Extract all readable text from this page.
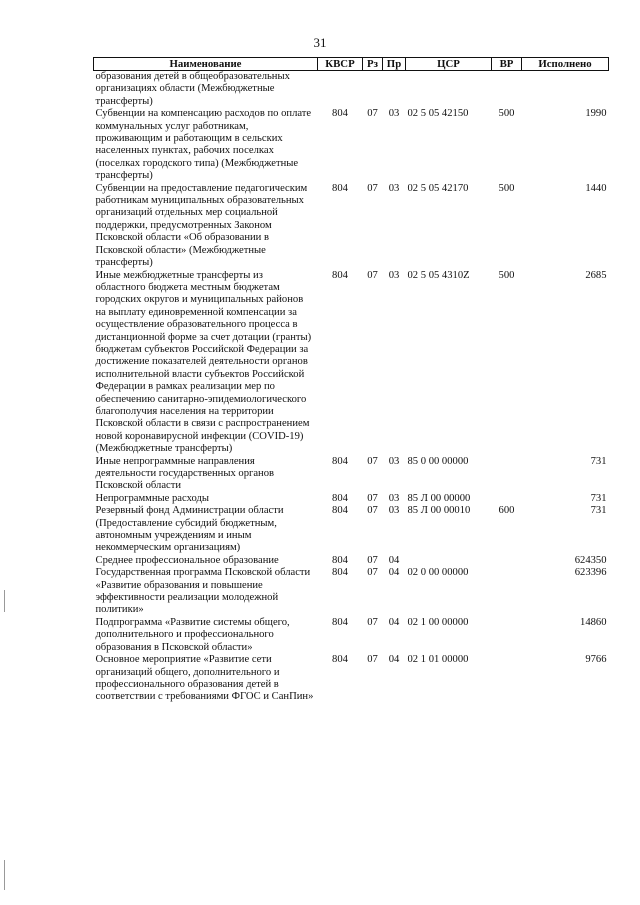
31
Наименование	КВСР	Рз	Пр	ЦСР	ВР	Исполнено
образования детей в общеобразовательных организациях области (Межбюджетные трансферты)						
Субвенции на компенсацию расходов по оплате коммунальных услуг работникам, проживающим и работающим в сельских населенных пунктах, рабочих поселках (поселках городского типа) (Межбюджетные трансферты)	804	07	03	02 5 05 42150	500	1990
Субвенции на предоставление педагогическим работникам муниципальных образовательных организаций отдельных мер социальной поддержки, предусмотренных Законом Псковской области «Об образовании в Псковской области» (Межбюджетные трансферты)	804	07	03	02 5 05 42170	500	1440
Иные межбюджетные трансферты из областного бюджета местным бюджетам городских округов и муниципальных районов на выплату единовременной компенсации за осуществление образовательного процесса в дистанционной форме за счет дотации (гранты) бюджетам субъектов Российской Федерации за достижение показателей деятельности органов исполнительной власти субъектов Российской Федерации в рамках реализации мер по обеспечению санитарно-эпидемиологического благополучия населения на территории Псковской области в связи с распространением новой коронавирусной инфекции (COVID-19) (Межбюджетные трансферты)	804	07	03	02 5 05 4310Z	500	2685
Иные непрограммные направления деятельности государственных органов Псковской области	804	07	03	85 0 00 00000		731
Непрограммные расходы	804	07	03	85 Л 00 00000		731
Резервный фонд Администрации области (Предоставление субсидий бюджетным, автономным учреждениям и иным некоммерческим организациям)	804	07	03	85 Л 00 00010	600	731
Среднее профессиональное образование	804	07	04			624350
Государственная программа Псковской области «Развитие образования и повышение эффективности реализации молодежной политики»	804	07	04	02 0 00 00000		623396
Подпрограмма «Развитие системы общего, дополнительного и профессионального образования в Псковской области»	804	07	04	02 1 00 00000		14860
Основное мероприятие «Развитие сети организаций общего, дополнительного и профессионального образования детей в соответствии с требованиями ФГОС и СанПин»	804	07	04	02 1 01 00000		9766
